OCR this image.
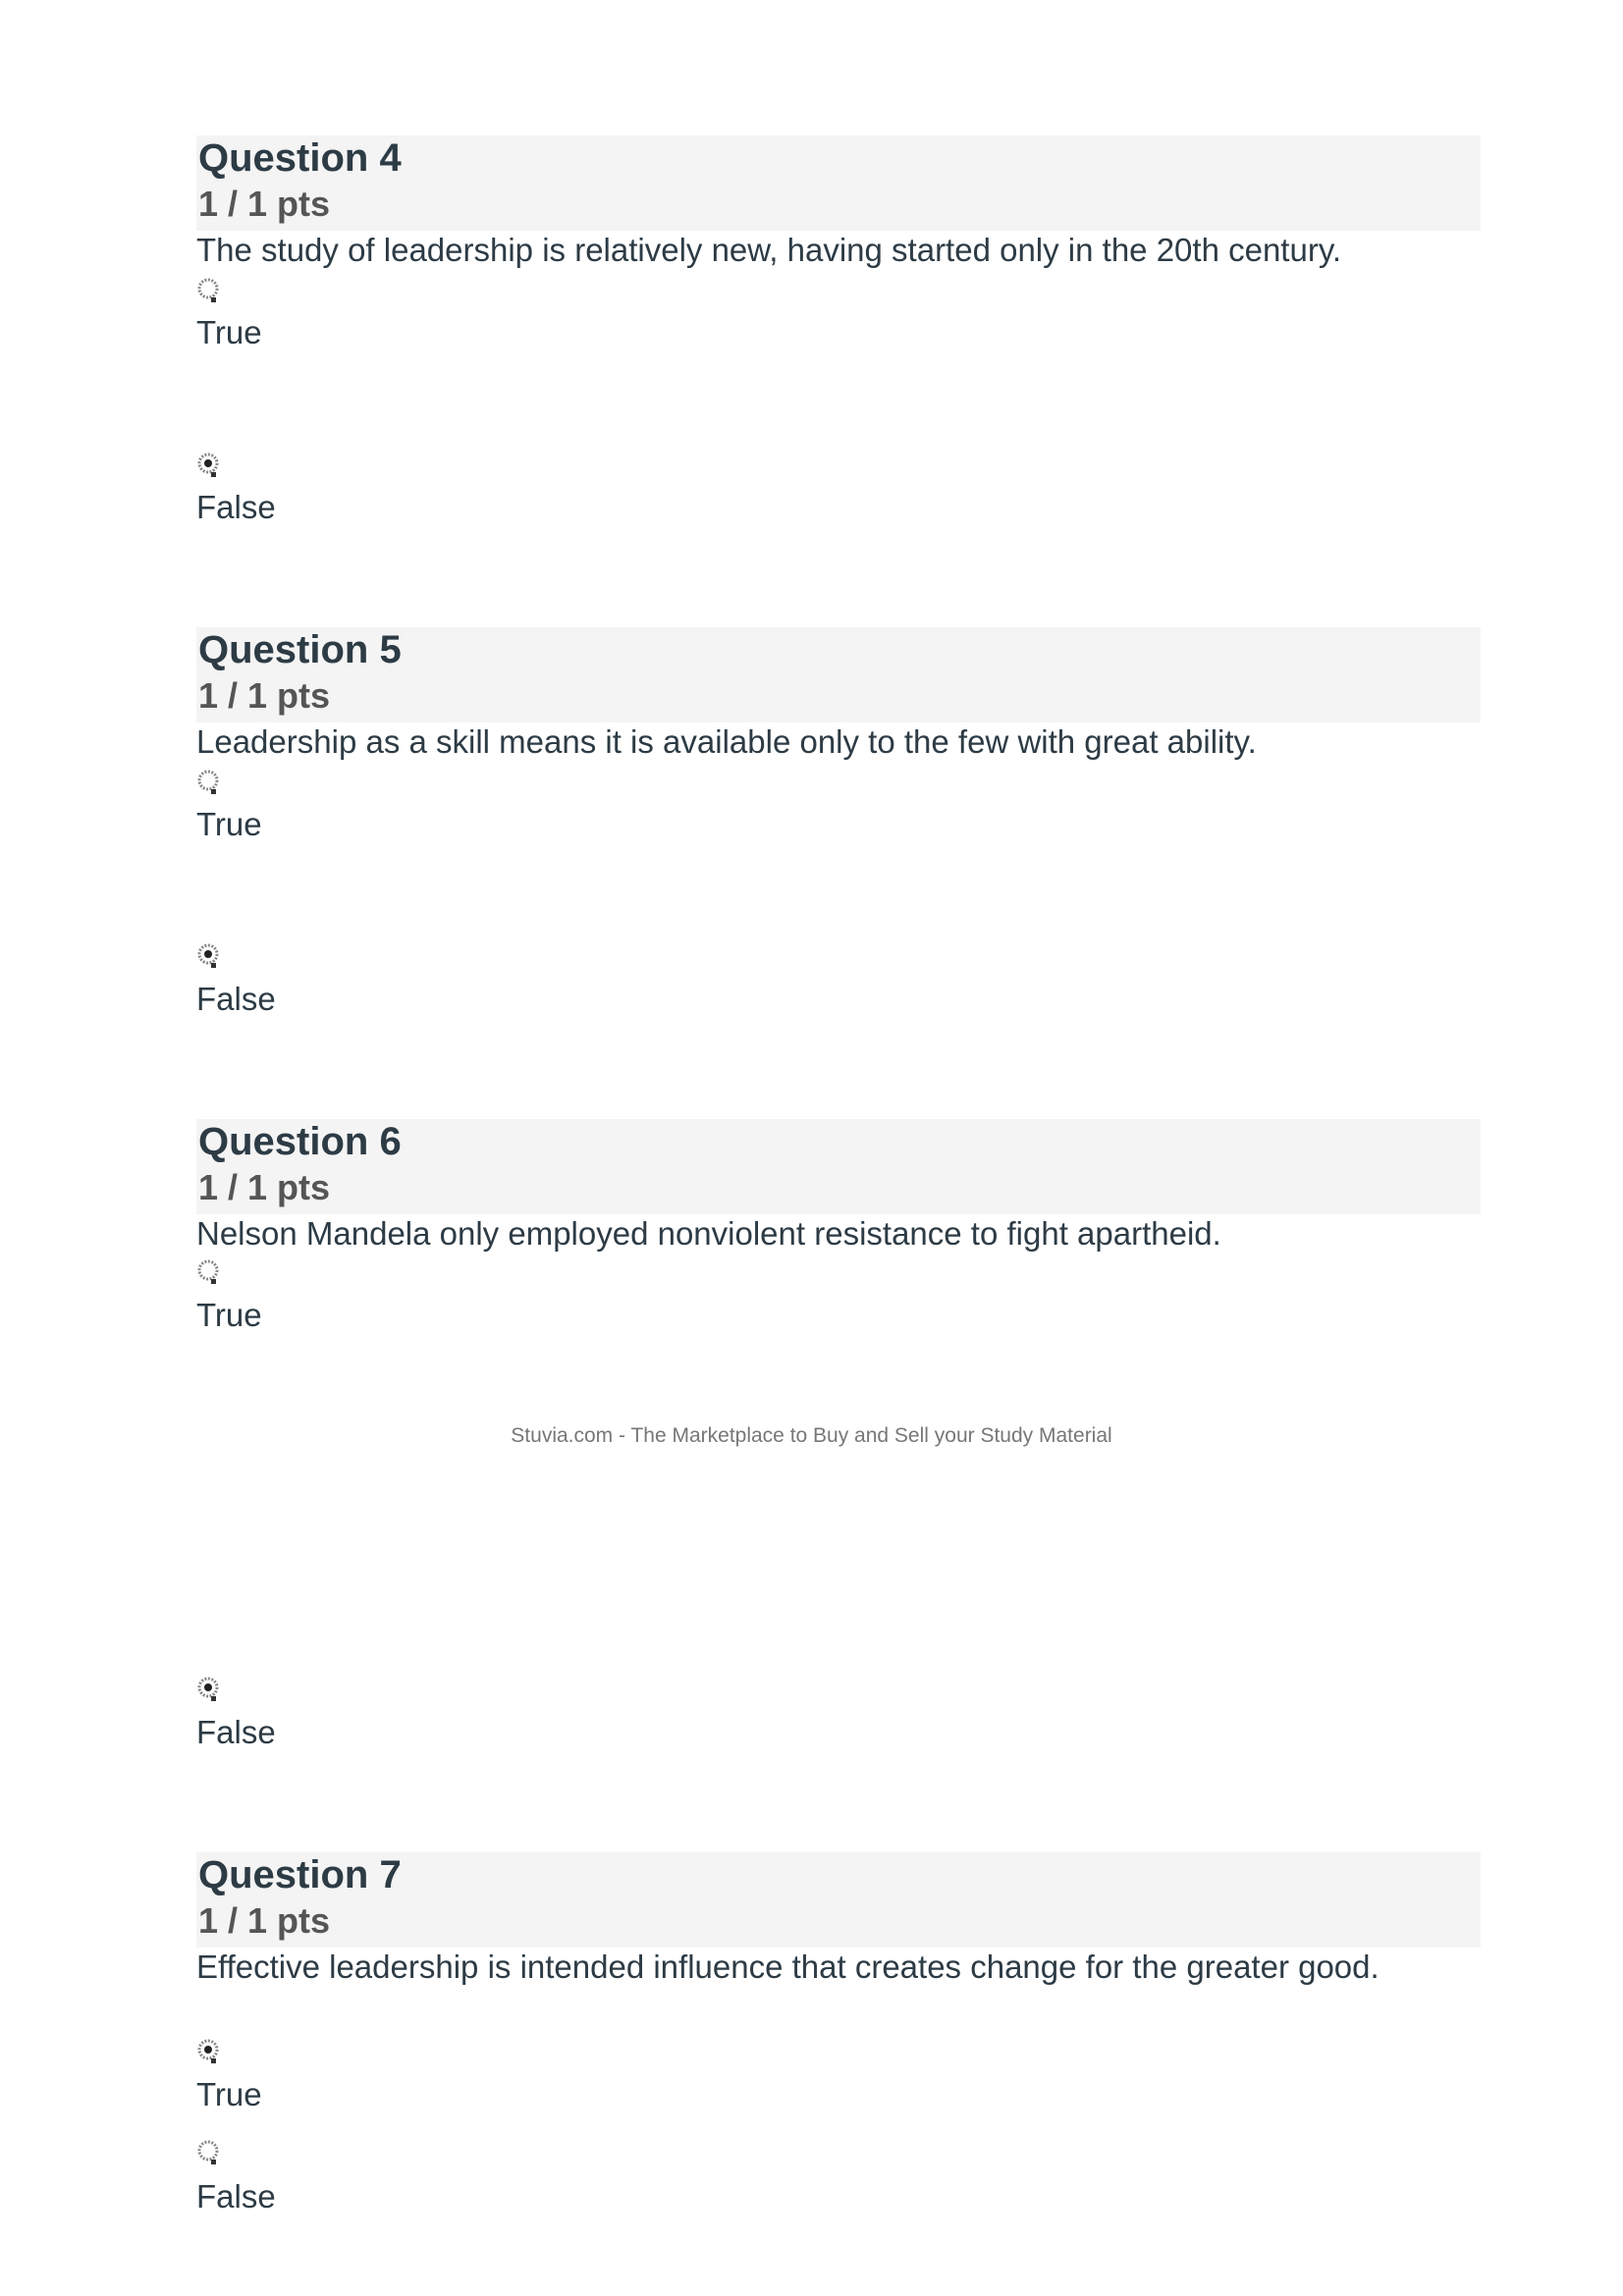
Question 4
1 / 1 pts
The study of leadership is relatively new, having started only in the 20th century.
True
False
Question 5
1 / 1 pts
Leadership as a skill means it is available only to the few with great ability.
True
False
Question 6
1 / 1 pts
Nelson Mandela only employed nonviolent resistance to fight apartheid.
True
False
Question 7
1 / 1 pts
Effective leadership is intended influence that creates change for the greater good.
True
False
Stuvia.com - The Marketplace to Buy and Sell your Study Material
